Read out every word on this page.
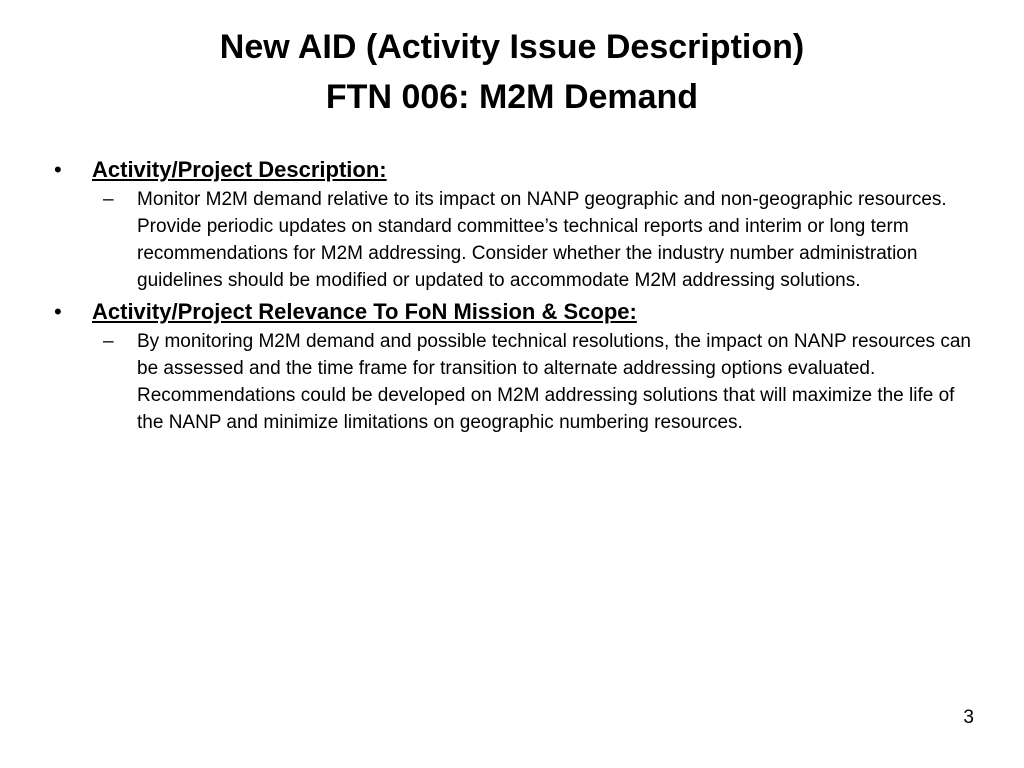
New AID (Activity Issue Description)
FTN 006: M2M Demand
• Activity/Project Description:
– Monitor M2M demand relative to its impact on NANP geographic and non-geographic resources. Provide periodic updates on standard committee’s technical reports and interim or long term recommendations for M2M addressing. Consider whether the industry number administration guidelines should be modified or updated to accommodate M2M addressing solutions.
• Activity/Project Relevance To FoN Mission & Scope:
– By monitoring M2M demand and possible technical resolutions, the impact on NANP resources can be assessed and the time frame for transition to alternate addressing options evaluated. Recommendations could be developed on M2M addressing solutions that will maximize the life of the NANP and minimize limitations on geographic numbering resources.
3
